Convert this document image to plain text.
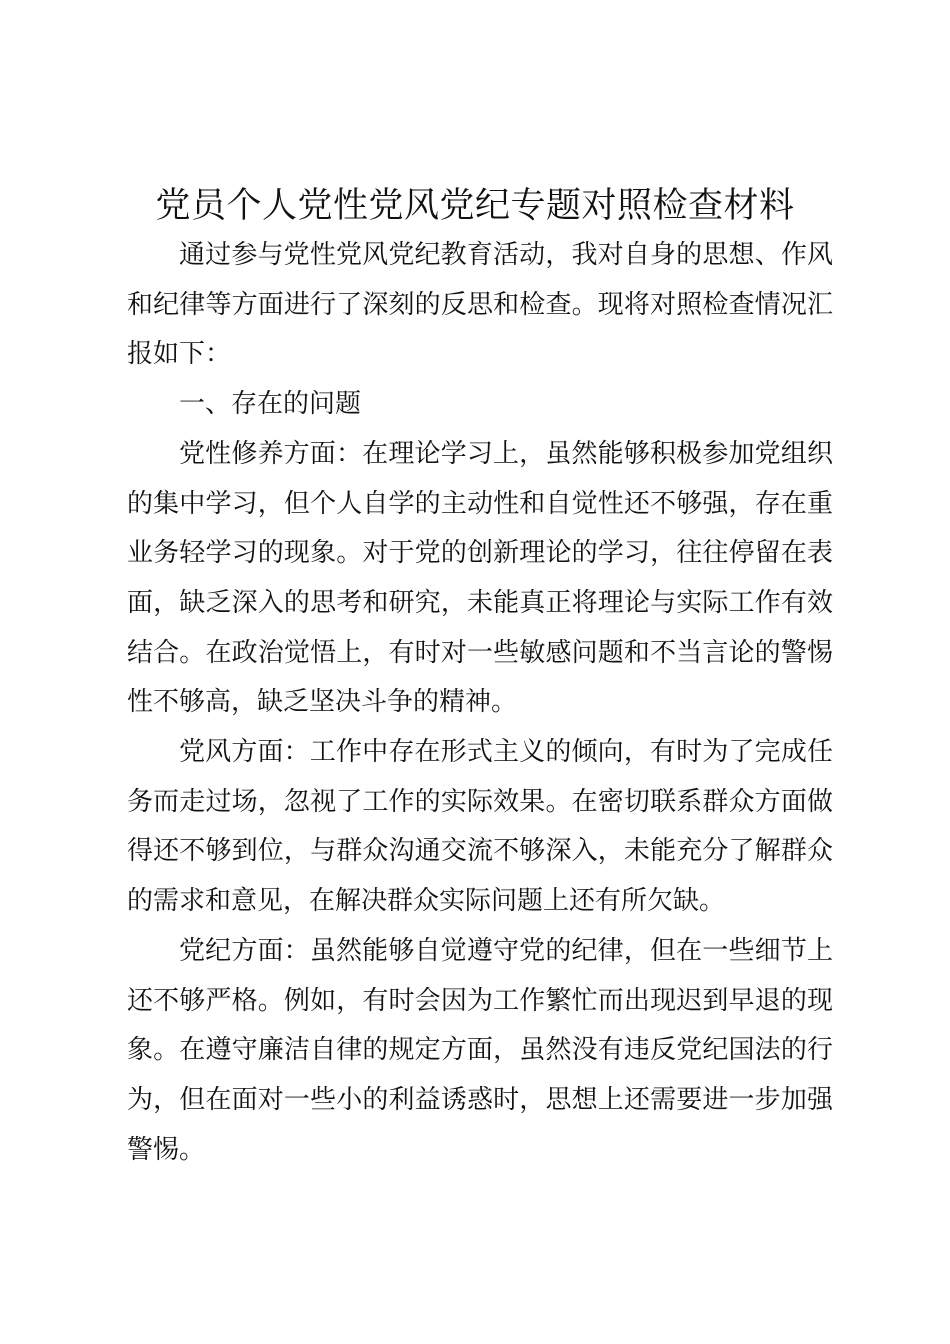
党员个人党性党风党纪专题对照检查材料

通过参与党性党风党纪教育活动，我对自身的思想、作风和纪律等方面进行了深刻的反思和检查。现将对照检查情况汇报如下：

一、存在的问题

党性修养方面：在理论学习上，虽然能够积极参加党组织的集中学习，但个人自学的主动性和自觉性还不够强，存在重业务轻学习的现象。对于党的创新理论的学习，往往停留在表面，缺乏深入的思考和研究，未能真正将理论与实际工作有效结合。在政治觉悟上，有时对一些敏感问题和不当言论的警惕性不够高，缺乏坚决斗争的精神。

党风方面：工作中存在形式主义的倾向，有时为了完成任务而走过场，忽视了工作的实际效果。在密切联系群众方面做得还不够到位，与群众沟通交流不够深入，未能充分了解群众的需求和意见，在解决群众实际问题上还有所欠缺。

党纪方面：虽然能够自觉遵守党的纪律，但在一些细节上还不够严格。例如，有时会因为工作繁忙而出现迟到早退的现象。在遵守廉洁自律的规定方面，虽然没有违反党纪国法的行为，但在面对一些小的利益诱惑时，思想上还需要进一步加强警惕。
